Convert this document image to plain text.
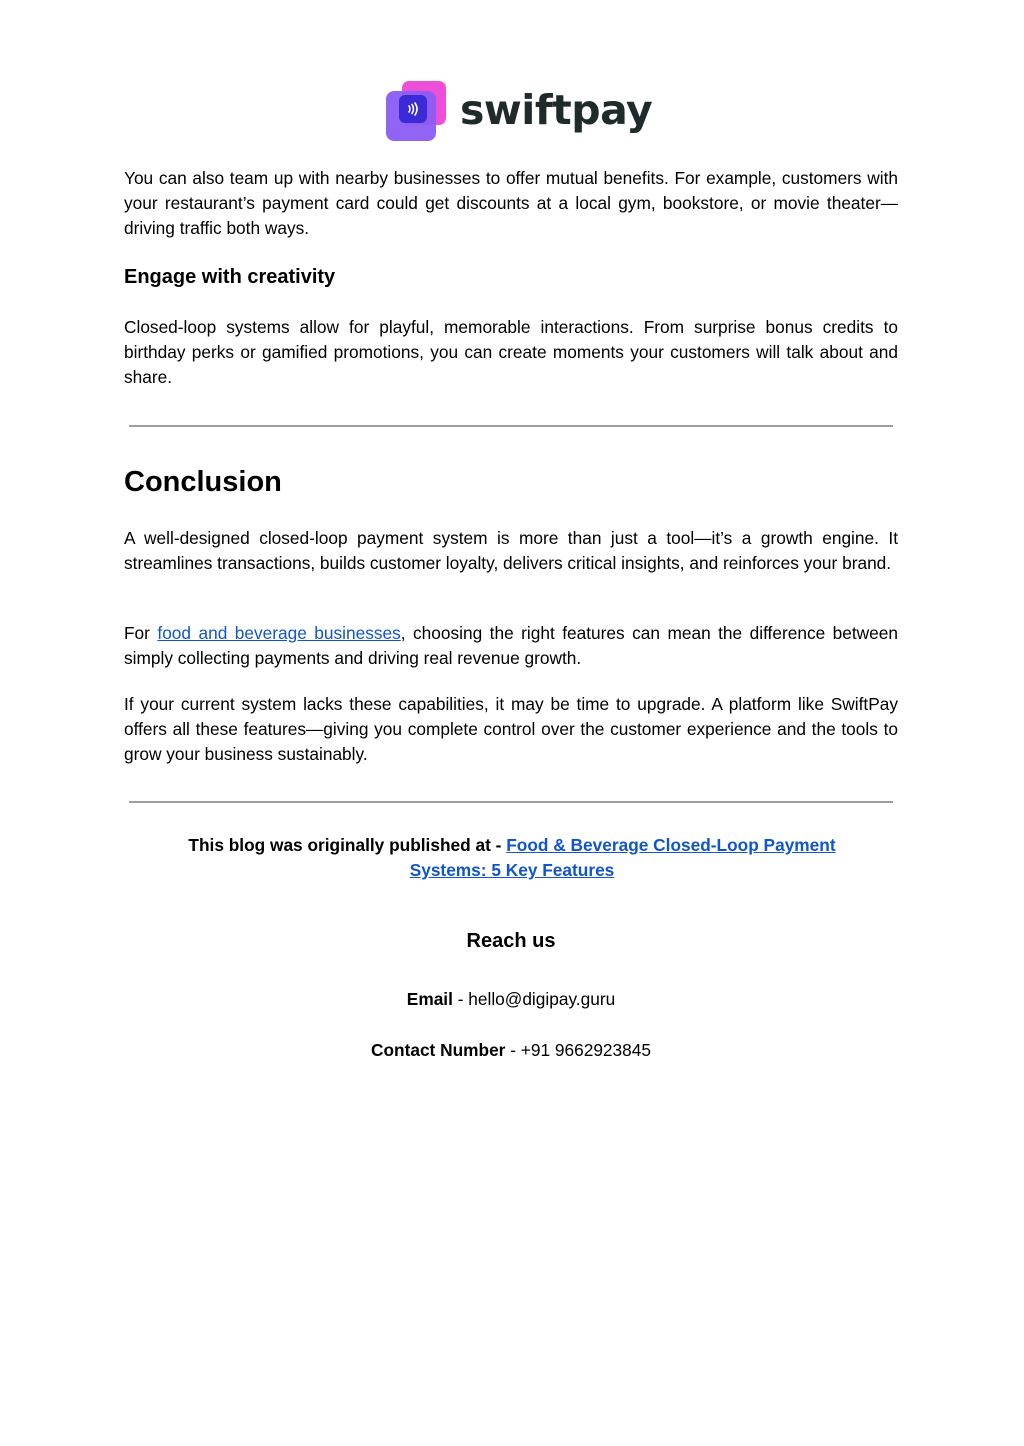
swiftpay

You can also team up with nearby businesses to offer mutual benefits. For example, customers with your restaurant’s payment card could get discounts at a local gym, bookstore, or movie theater—driving traffic both ways.

Engage with creativity

Closed-loop systems allow for playful, memorable interactions. From surprise bonus credits to birthday perks or gamified promotions, you can create moments your customers will talk about and share.

Conclusion

A well-designed closed-loop payment system is more than just a tool—it’s a growth engine. It streamlines transactions, builds customer loyalty, delivers critical insights, and reinforces your brand.

For food and beverage businesses, choosing the right features can mean the difference between simply collecting payments and driving real revenue growth.

If your current system lacks these capabilities, it may be time to upgrade. A platform like SwiftPay offers all these features—giving you complete control over the customer experience and the tools to grow your business sustainably.

This blog was originally published at - Food & Beverage Closed-Loop Payment Systems: 5 Key Features
Reach us
Email - hello@digipay.guru
Contact Number - +91 9662923845
